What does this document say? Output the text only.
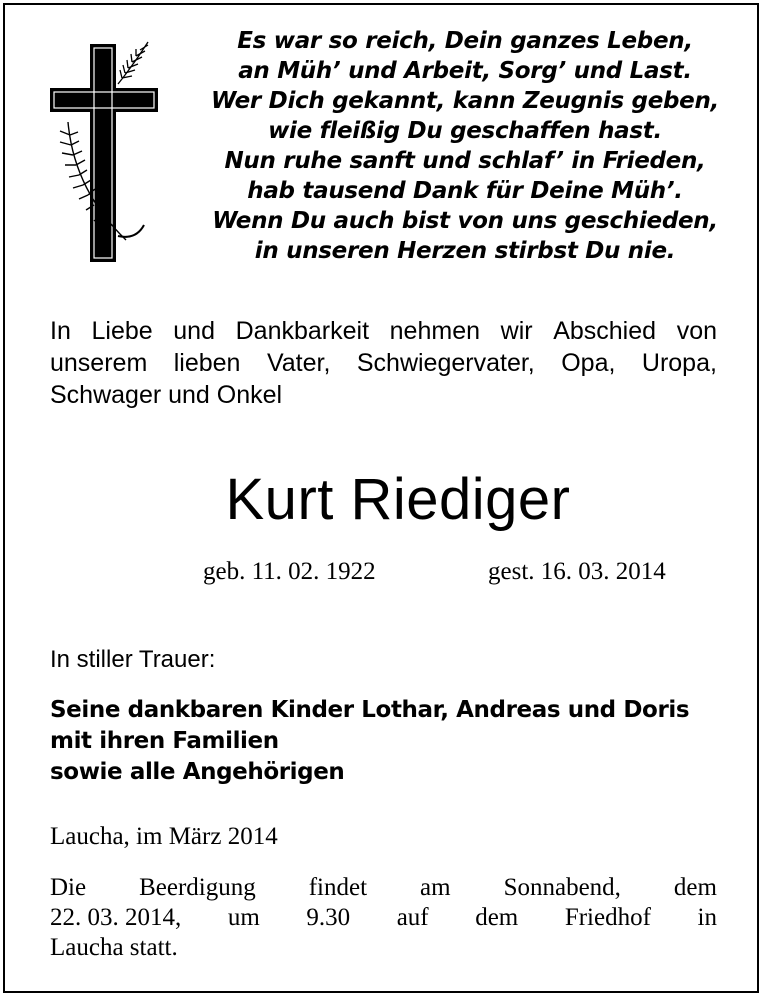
Es war so reich, Dein ganzes Leben,
an Müh’ und Arbeit, Sorg’ und Last.
Wer Dich gekannt, kann Zeugnis geben,
wie fleißig Du geschaffen hast.
Nun ruhe sanft und schlaf’ in Frieden,
hab tausend Dank für Deine Müh’.
Wenn Du auch bist von uns geschieden,
in unseren Herzen stirbst Du nie.
In Liebe und Dankbarkeit nehmen wir Abschied von
unserem lieben Vater, Schwiegervater, Opa, Uropa,
Schwager und Onkel
Kurt Riediger
geb. 11. 02. 1922	gest. 16. 03. 2014
In stiller Trauer:
Seine dankbaren Kinder Lothar, Andreas und Doris
mit ihren Familien
sowie alle Angehörigen
Laucha, im März 2014
Die Beerdigung findet am Sonnabend, dem
22. 03. 2014, um 9.30 auf dem Friedhof in
Laucha statt.
